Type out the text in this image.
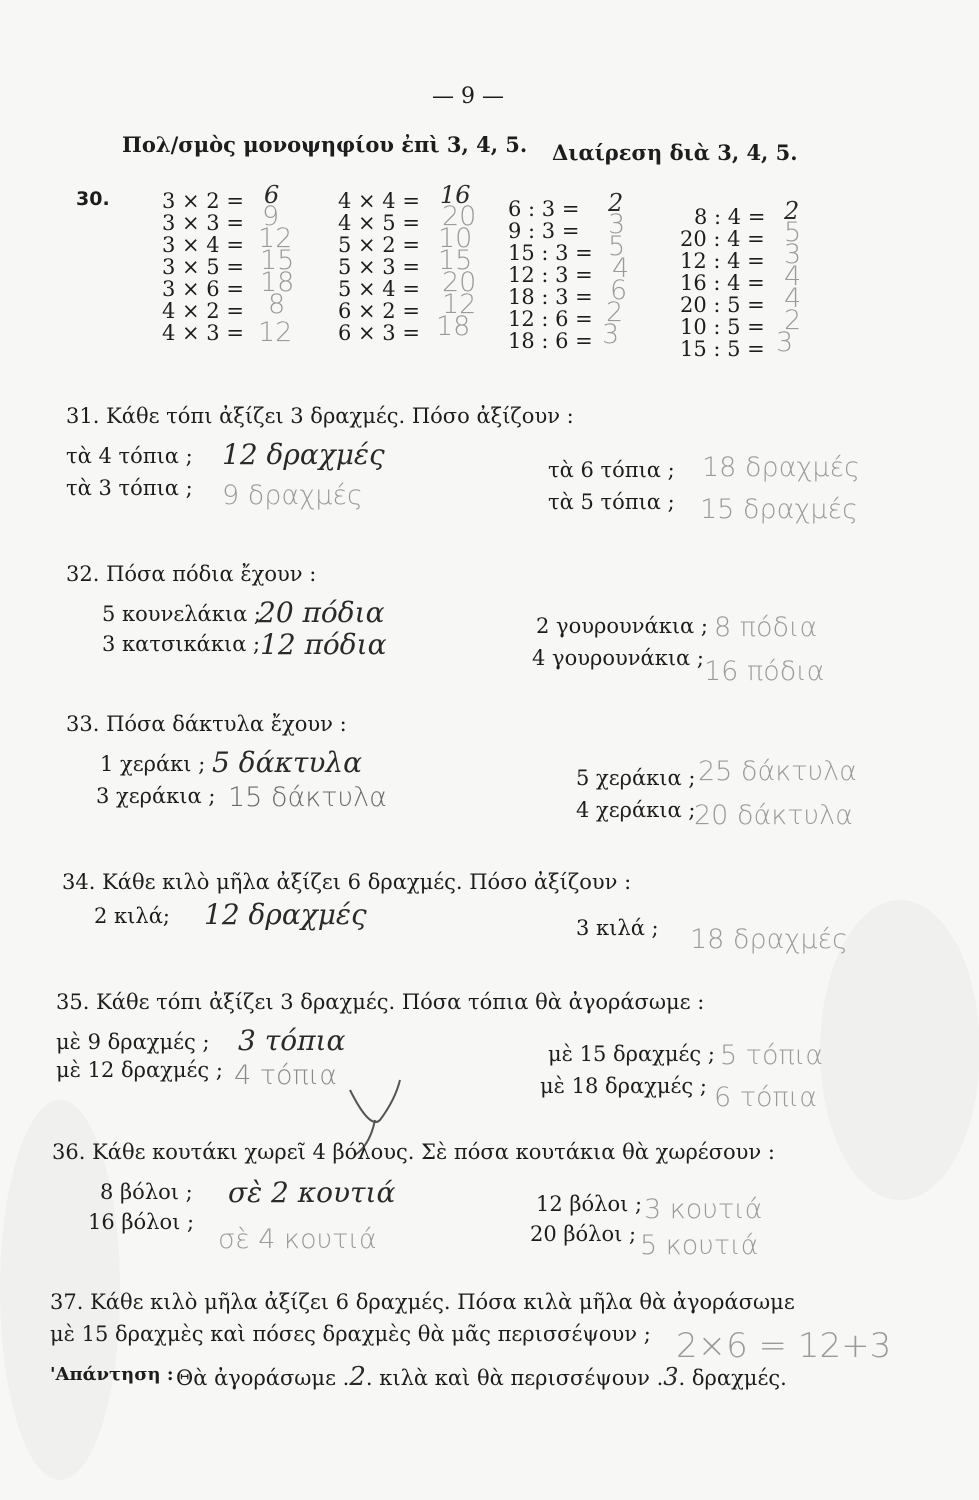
— 9 —
Πολ/σμὸς μονοψηφίου ἐπὶ 3, 4, 5. Διαίρεση διὰ 3, 4, 5.
30. 3 × 2 = 6
3 × 3 = 9
3 × 4 = 12
3 × 5 = 15
3 × 6 = 18
4 × 2 = 8
4 × 3 = 12
4 × 4 = 16
4 × 5 = 20
5 × 2 = 10
5 × 3 = 15
5 × 4 = 20
6 × 2 = 12
6 × 3 = 18
6 : 3 = 2
9 : 3 = 3
15 : 3 = 5
12 : 3 = 4
18 : 3 = 6
12 : 6 = 2
18 : 6 = 3
8 : 4 = 2
20 : 4 = 5
12 : 4 = 3
16 : 4 = 4
20 : 5 = 4
10 : 5 = 2
15 : 5 = 3
31. Κάθε τόπι ἀξίζει 3 δραχμές. Πόσο ἀξίζουν :
τὰ 4 τόπια ; 12 δραχμές
τὰ 3 τόπια ; 9 δραχμές
τὰ 6 τόπια ; 18 δραχμές
τὰ 5 τόπια ; 15 δραχμές
32. Πόσα πόδια ἔχουν :
5 κουνελάκια ;
20 πόδια
3 κατσικάκια ; 12 πόδια
2 γουρουνάκια ; 8 πόδια
4 γουρουνάκια ; 16 πόδια
33. Πόσα δάκτυλα ἔχουν :
1 χεράκι ; 5 δάκτυλα
3 χεράκια ; 15 δάκτυλα
5 χεράκια ; 25 δάκτυλα
4 χεράκια ;
20 δάκτυλα
34. Κάθε κιλὸ μῆλα ἀξίζει 6 δραχμές. Πόσο ἀξίζουν :
2 κιλά; 12 δραχμές	3 κιλά ; 18 δραχμές
35. Κάθε τόπι ἀξίζει 3 δραχμές. Πόσα τόπια θὰ ἀγοράσωμε :
μὲ 9 δραχμές ; 3 τόπια
μὲ 12 δραχμές ; 4 τόπια
μὲ 15 δραχμές ; 5 τόπια
μὲ 18 δραχμές ; 6 τόπια
36. Κάθε κουτάκι χωρεῖ 4 βόλους. Σὲ πόσα κουτάκια θὰ χωρέσουν :
8 βόλοι ; σὲ 2 κουτιά
16 βόλοι ;
σὲ 4 κουτιά
12 βόλοι ; 3 κουτιά
20 βόλοι ; 5 κουτιά
37. Κάθε κιλὸ μῆλα ἀξίζει 6 δραχμές. Πόσα κιλὰ μῆλα θὰ ἀγοράσωμε
μὲ 15 δραχμὲς καὶ πόσες δραχμὲς θὰ μᾶς περισσέψουν ; 2×6 = 12+3
'Απάντηση : Θὰ ἀγοράσωμε .2. κιλὰ καὶ θὰ περισσέψουν .3. δραχμές.
